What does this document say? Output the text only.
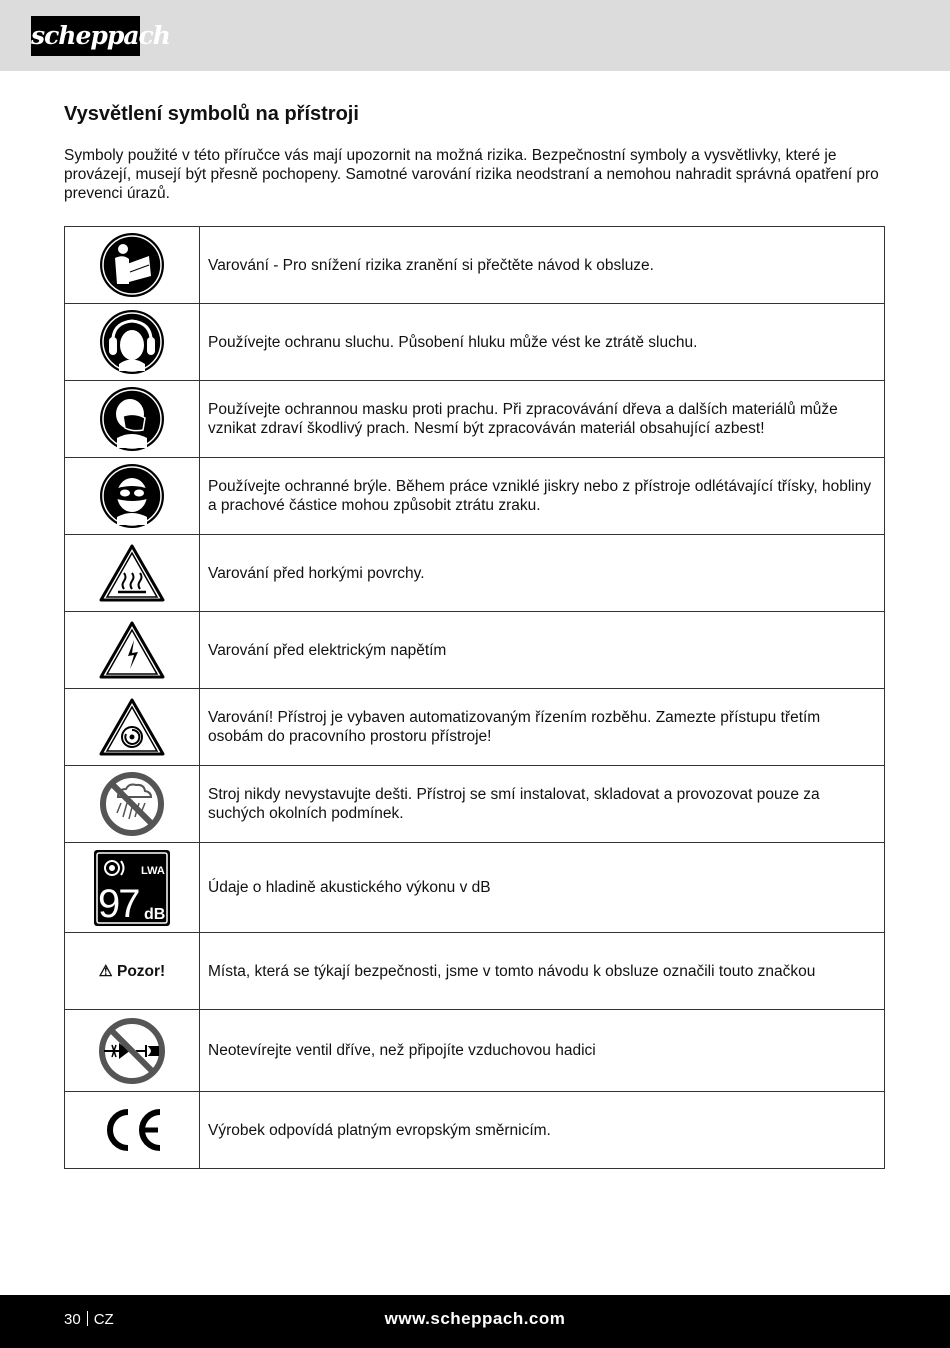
scheppach
Vysvětlení symbolů na přístroji

Symboly použité v této příručce vás mají upozornit na možná rizika. Bezpečnostní symboly a vysvětlivky, které je provázejí, musejí být přesně pochopeny. Samotné varování rizika neodstraní a nemohou nahradit správná opatření pro prevenci úrazů.

	Varování - Pro snížení rizika zranění si přečtěte návod k obsluze.

	Používejte ochranu sluchu. Působení hluku může vést ke ztrátě sluchu.

	Používejte ochrannou masku proti prachu. Při zpracovávání dřeva a dalších materiálů může vznikat zdraví škodlivý prach. Nesmí být zpracováván materiál obsahující azbest!

	Používejte ochranné brýle. Během práce vzniklé jiskry nebo z přístroje odlétávající třísky, hobliny a prachové částice mohou způsobit ztrátu zraku.

	Varování před horkými povrchy.

	Varování před elektrickým napětím

	Varování! Přístroj je vybaven automatizovaným řízením rozběhu. Zamezte přístupu třetím osobám do pracovního prostoru přístroje!

	Stroj nikdy nevystavujte dešti. Přístroj se smí instalovat, skladovat a provozovat pouze za suchých okolních podmínek.

LWA
97 dB	Údaje o hladině akustického výkonu v dB
⚠ Pozor!	Místa, která se týkají bezpečnosti, jsme v tomto návodu k obsluze označili touto značkou

	Neotevírejte ventil dříve, než připojíte vzduchovou hadici

	Výrobek odpovídá platným evropským směrnicím.
30 CZ	www.scheppach.com
